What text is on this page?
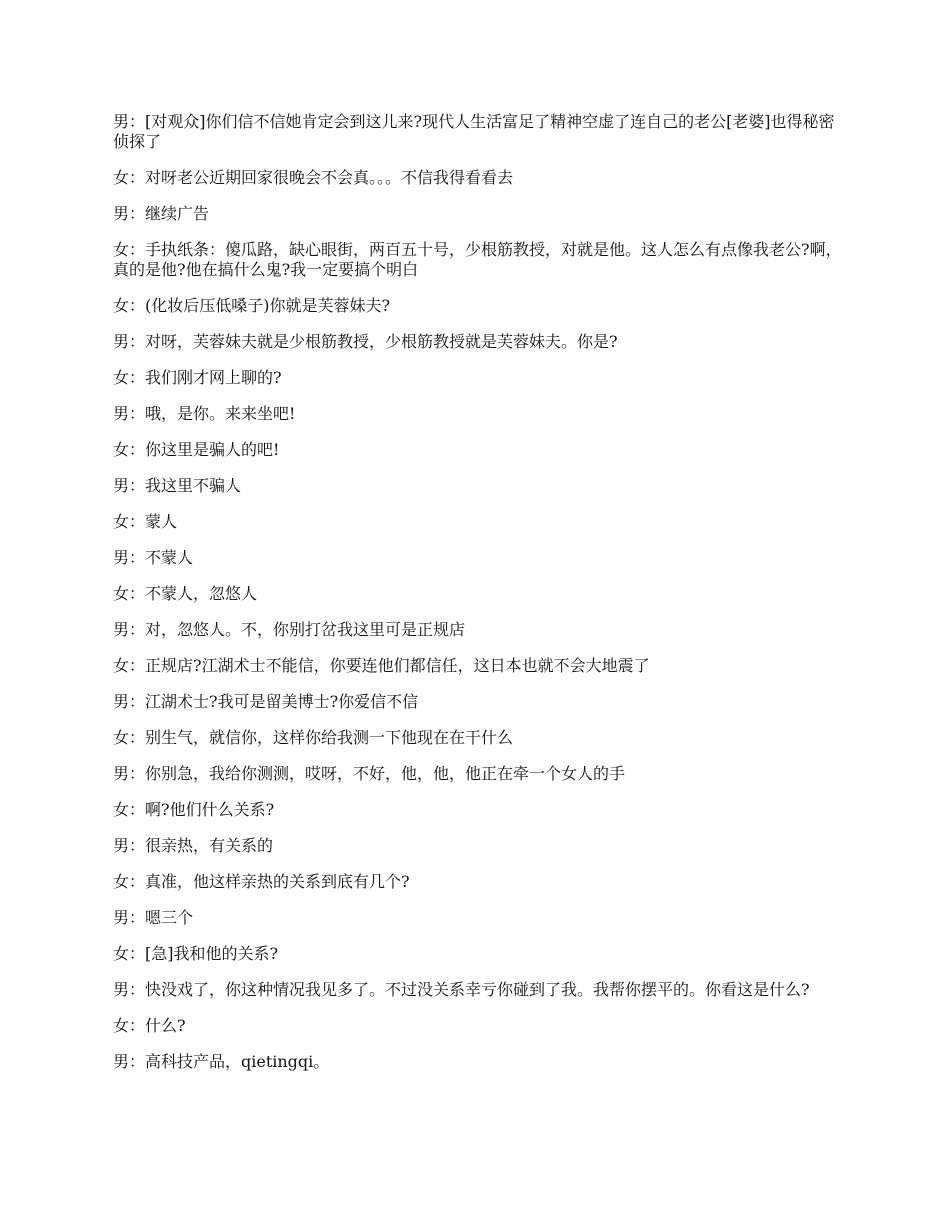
男：[对观众]你们信不信她肯定会到这儿来?现代人生活富足了精神空虚了连自己的老公[老婆]也得秘密侦探了

女：对呀老公近期回家很晚会不会真。。。不信我得看看去

男：继续广告

女：手执纸条：傻瓜路，缺心眼街，两百五十号，少根筋教授，对就是他。这人怎么有点像我老公?啊，真的是他?他在搞什么鬼?我一定要搞个明白

女：(化妆后压低嗓子)你就是芙蓉妹夫?

男：对呀，芙蓉妹夫就是少根筋教授，少根筋教授就是芙蓉妹夫。你是?

女：我们刚才网上聊的?

男：哦，是你。来来坐吧!

女：你这里是骗人的吧!

男：我这里不骗人

女：蒙人

男：不蒙人

女：不蒙人，忽悠人

男：对，忽悠人。不，你别打岔我这里可是正规店

女：正规店?江湖术士不能信，你要连他们都信任，这日本也就不会大地震了

男：江湖术士?我可是留美博士?你爱信不信

女：别生气，就信你，这样你给我测一下他现在在干什么

男：你别急，我给你测测，哎呀，不好，他，他，他正在牵一个女人的手

女：啊?他们什么关系?

男：很亲热，有关系的

女：真准，他这样亲热的关系到底有几个?

男：嗯三个

女：[急]我和他的关系?

男：快没戏了，你这种情况我见多了。不过没关系幸亏你碰到了我。我帮你摆平的。你看这是什么?

女：什么?

男：高科技产品，qietingqi。
